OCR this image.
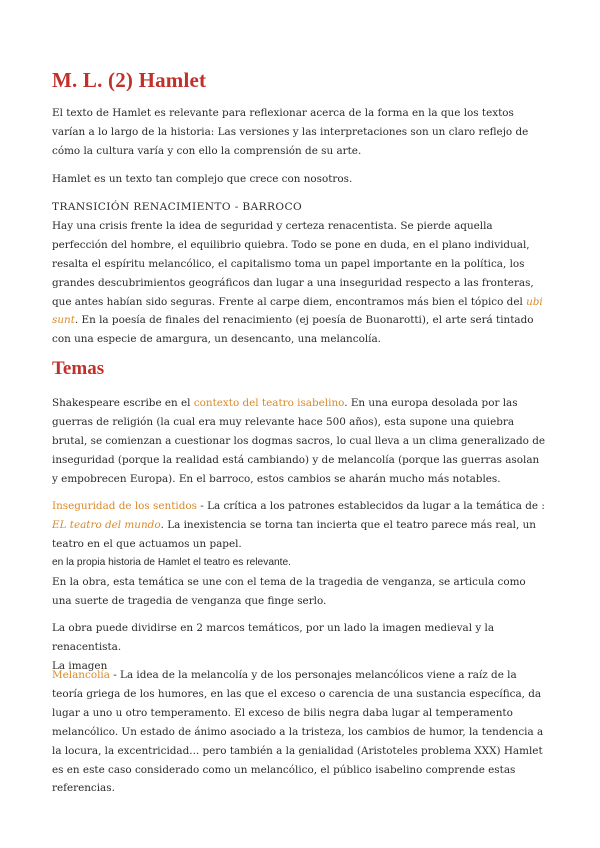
M. L. (2) Hamlet

El texto de Hamlet es relevante para reflexionar acerca de la forma en la que los textos varían a lo largo de la historia: Las versiones y las interpretaciones son un claro reflejo de cómo la cultura varía y con ello la comprensión de su arte.

Hamlet es un texto tan complejo que crece con nosotros.

TRANSICIÓN RENACIMIENTO - BARROCO

Hay una crisis frente la idea de seguridad y certeza renacentista. Se pierde aquella perfección del hombre, el equilibrio quiebra. Todo se pone en duda, en el plano individual, resalta el espíritu melancólico, el capitalismo toma un papel importante en la política, los grandes descubrimientos geográficos dan lugar a una inseguridad respecto a las fronteras, que antes habían sido seguras. Frente al carpe diem, encontramos más bien el tópico del ubi sunt. En la poesía de finales del renacimiento (ej poesía de Buonarotti), el arte será tintado con una especie de amargura, un desencanto, una melancolía.

Temas

Shakespeare escribe en el contexto del teatro isabelino. En una europa desolada por las guerras de religión (la cual era muy relevante hace 500 años), esta supone una quiebra brutal, se comienzan a cuestionar los dogmas sacros, lo cual lleva a un clima generalizado de inseguridad (porque la realidad está cambiando) y de melancolía (porque las guerras asolan y empobrecen Europa). En el barroco, estos cambios se aharán mucho más notables.

Inseguridad de los sentidos - La crítica a los patrones establecidos da lugar a la temática de : EL teatro del mundo. La inexistencia se torna tan incierta que el teatro parece más real, un teatro en el que actuamos un papel.

en la propia historia de Hamlet el teatro es relevante.

En la obra, esta temática se une con el tema de la tragedia de venganza, se articula como una suerte de tragedia de venganza que finge serlo.

La obra puede dividirse en 2 marcos temáticos, por un lado la imagen medieval y la renacentista.

La imagen

Melancolía - La idea de la melancolía y de los personajes melancólicos viene a raíz de la teoría griega de los humores, en las que el exceso o carencia de una sustancia específica, da lugar a uno u otro temperamento. El exceso de bilis negra daba lugar al temperamento melancólico. Un estado de ánimo asociado a la tristeza, los cambios de humor, la tendencia a la locura, la excentricidad... pero también a la genialidad (Aristoteles problema XXX) Hamlet es en este caso considerado como un melancólico, el público isabelino comprende estas referencias.
